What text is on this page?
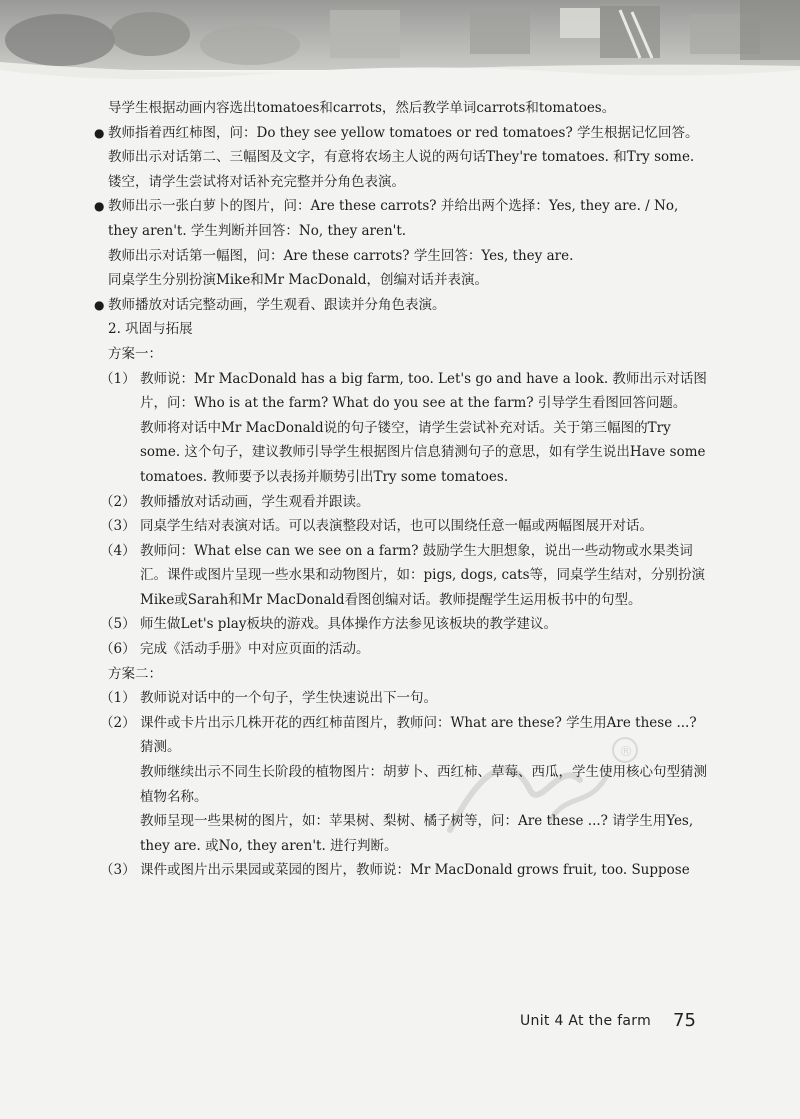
导学生根据动画内容选出tomatoes和carrots，然后教学单词carrots和tomatoes。
● 教师指着西红柿图，问：Do they see yellow tomatoes or red tomatoes? 学生根据记忆回答。
教师出示对话第二、三幅图及文字，有意将农场主人说的两句话They're tomatoes. 和Try some. 镂空，请学生尝试将对话补充完整并分角色表演。
● 教师出示一张白萝卜的图片，问：Are these carrots? 并给出两个选择：Yes, they are. / No, they aren't. 学生判断并回答：No, they aren't.
教师出示对话第一幅图，问：Are these carrots? 学生回答：Yes, they are.
同桌学生分别扮演Mike和Mr MacDonald，创编对话并表演。
● 教师播放对话完整动画，学生观看、跟读并分角色表演。
2. 巩固与拓展
方案一：
（1） 教师说：Mr MacDonald has a big farm, too. Let's go and have a look. 教师出示对话图片，问：Who is at the farm? What do you see at the farm? 引导学生看图回答问题。
教师将对话中Mr MacDonald说的句子镂空，请学生尝试补充对话。关于第三幅图的Try some. 这个句子，建议教师引导学生根据图片信息猜测句子的意思，如有学生说出Have some tomatoes. 教师要予以表扬并顺势引出Try some tomatoes.
（2） 教师播放对话动画，学生观看并跟读。
（3） 同桌学生结对表演对话。可以表演整段对话，也可以围绕任意一幅或两幅图展开对话。
（4） 教师问：What else can we see on a farm? 鼓励学生大胆想象，说出一些动物或水果类词汇。课件或图片呈现一些水果和动物图片，如：pigs, dogs, cats等，同桌学生结对，分别扮演Mike或Sarah和Mr MacDonald看图创编对话。教师提醒学生运用板书中的句型。
（5） 师生做Let's play板块的游戏。具体操作方法参见该板块的教学建议。
（6） 完成《活动手册》中对应页面的活动。
方案二：
（1） 教师说对话中的一个句子，学生快速说出下一句。
（2） 课件或卡片出示几株开花的西红柿苗图片，教师问：What are these? 学生用Are these ...? 猜测。
教师继续出示不同生长阶段的植物图片：胡萝卜、西红柿、草莓、西瓜，学生使用核心句型猜测植物名称。
教师呈现一些果树的图片，如：苹果树、梨树、橘子树等，问：Are these ...? 请学生用Yes, they are. 或No, they aren't. 进行判断。
（3） 课件或图片出示果园或菜园的图片，教师说：Mr MacDonald grows fruit, too. Suppose
®
Unit 4 At the farm 75
